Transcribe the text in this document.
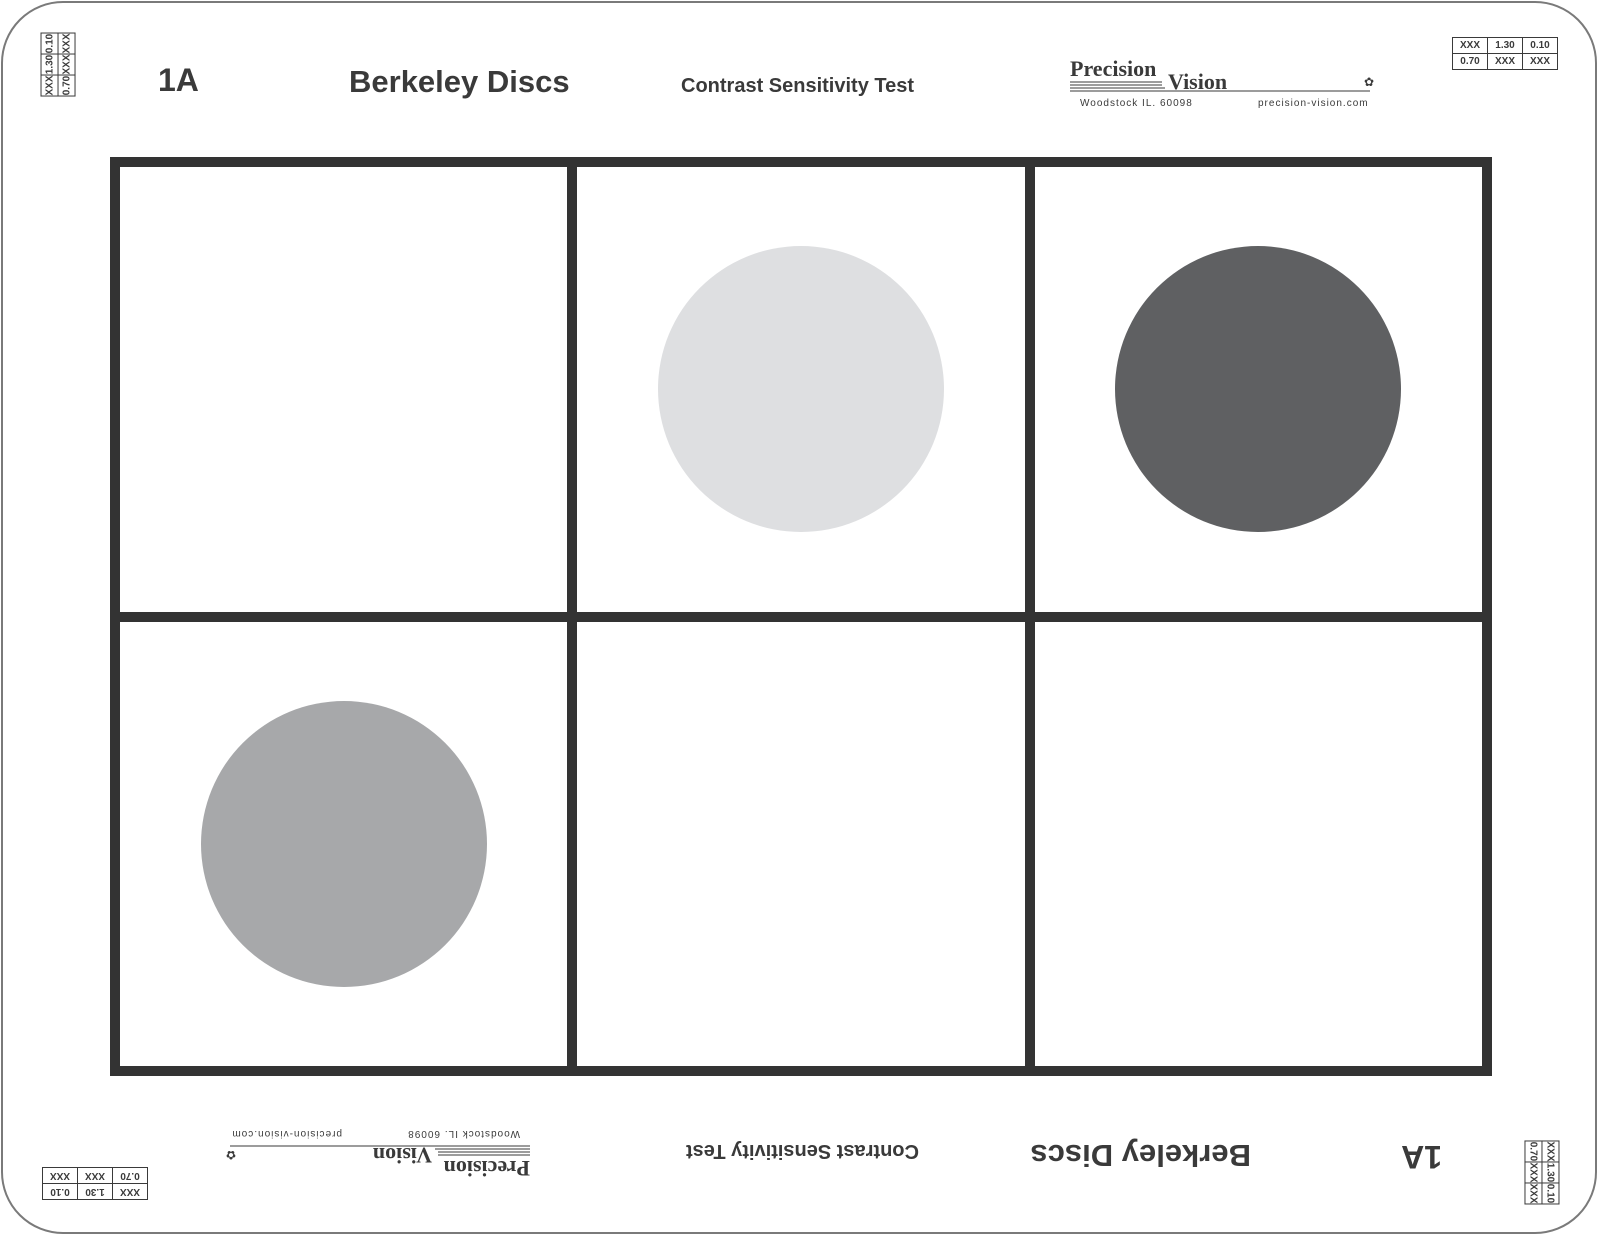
XXX	1.30	0.10
0.70	XXX	XXX
1A	Berkeley Discs	Contrast Sensitivity Test
Precision
Vision
Woodstock IL. 60098	precision-vision.com
✿
XXX	1.30	0.10
0.70	XXX	XXX
XXX	1.30	0.10
0.70	XXX	XXX
1A
Berkeley Discs
Contrast Sensitivity Test
Precision
Vision
Woodstock IL. 60098
precision-vision.com
✿
XXX	1.30	0.10
0.70	XXX	XXX
